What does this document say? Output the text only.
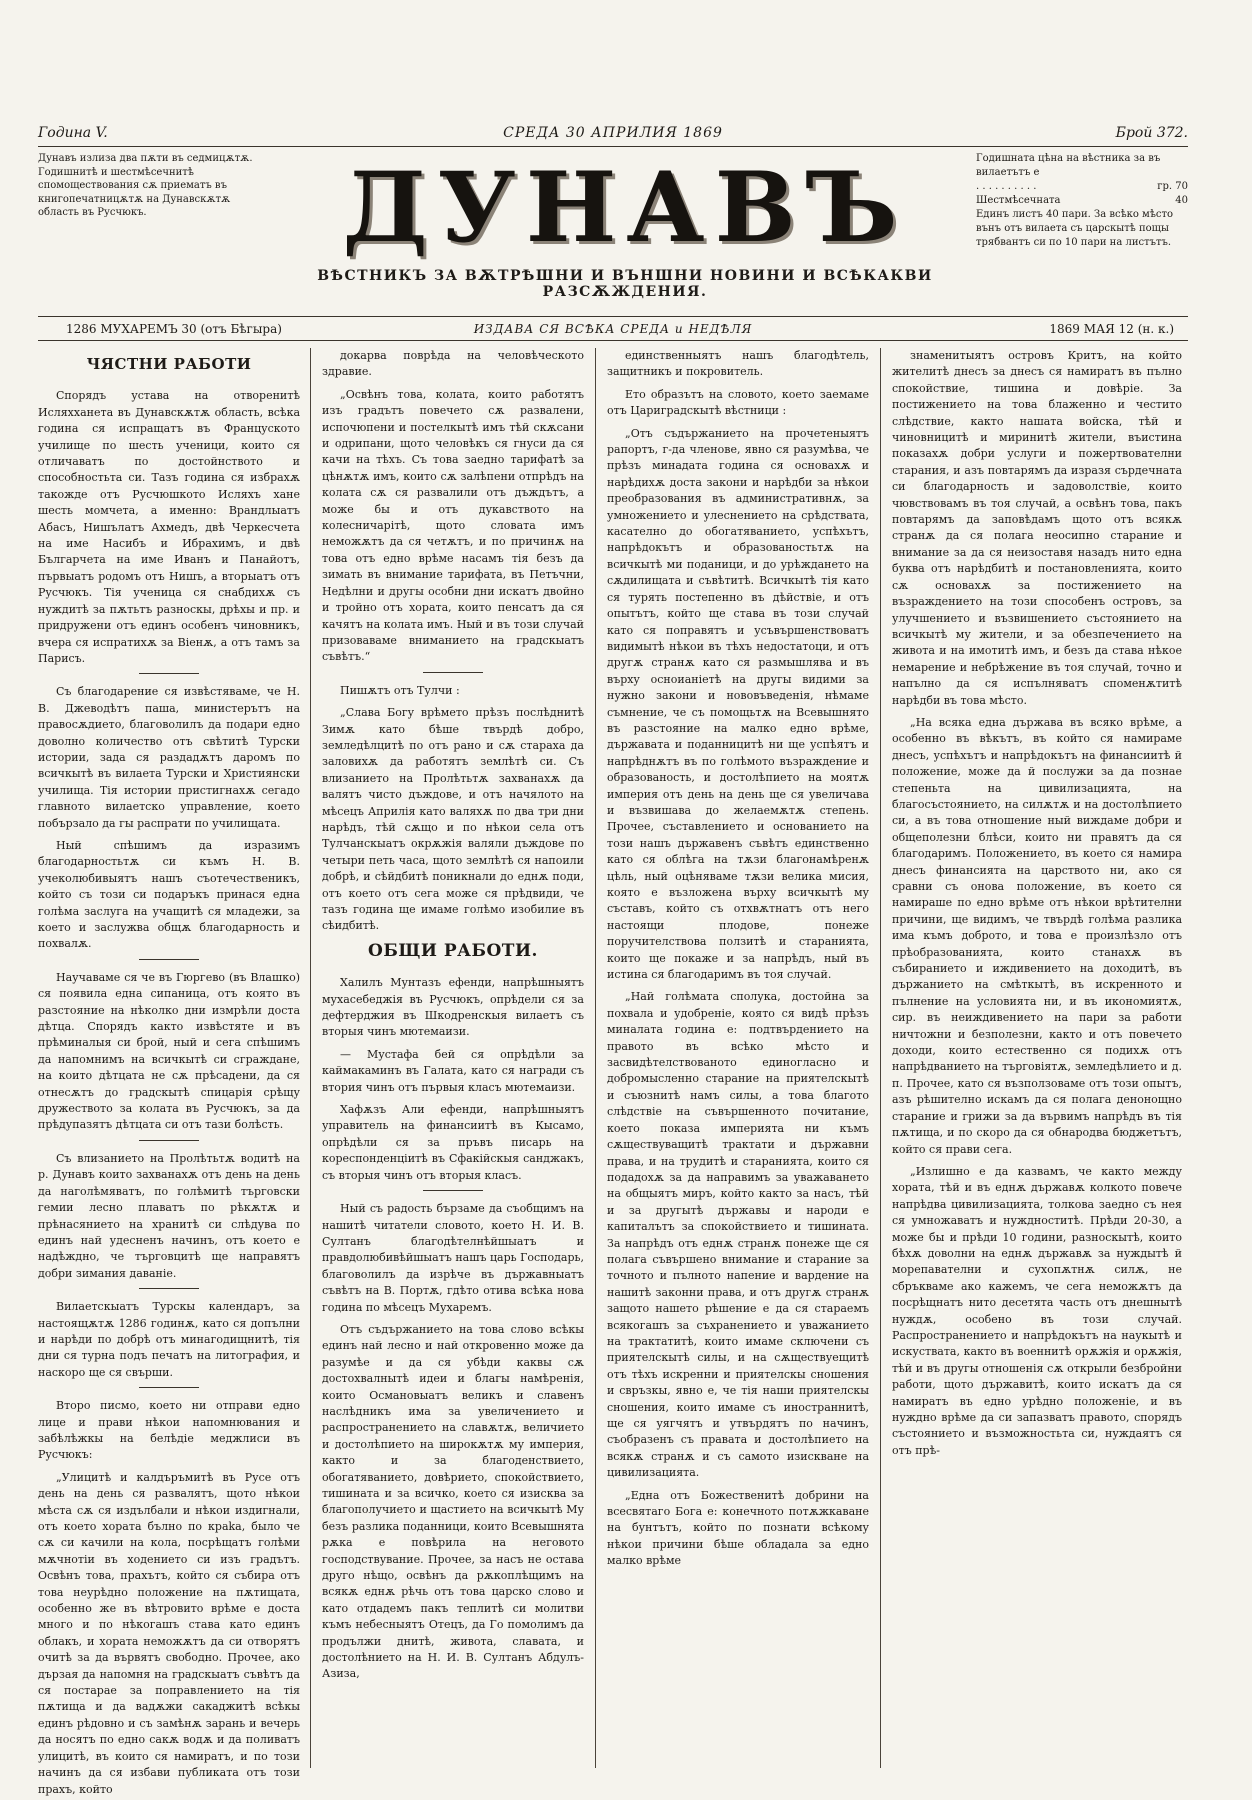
Година V.	СРЕДА 30 АПРИЛИЯ 1869	Брой 372.
Дунавъ излиза два пѫти въ седмицѫтѫ. Годишнитѣ и шестмѣсечнитѣ спомоществования сѫ приематъ въ книгопечатницѫтѫ на Дунавскѫтѫ область въ Русчюкъ.	ДУНАВЪ
ВѢСТНИКЪ ЗА ВѪТРѢШНИ И ВЪНШНИ НОВИНИ И ВСѢКАКВИ РАЗСѪЖДЕНИЯ.
Годишната цѣна на вѣстника за въ вилаетътъ е
. . . . . . . . . .	гр. 70
Шестмѣсечната	40
Единъ листъ 40 пари. За всѣко мѣсто вънъ отъ вилаета съ царскытѣ пощы трябвантъ си по 10 пари на листътъ.
1286 МУХАРЕМЪ 30 (отъ Бѣгыра)	ИЗДАВА СЯ ВСѢКА СРЕДА и НЕДѢЛЯ	1869 МАЯ 12 (н. к.)
ЧЯСТНИ РАБОТИ

Спорядъ устава на отворенитѣ Исляхханета въ Дунавскѫтѫ область, всѣка година ся испращатъ въ Француското училище по шесть ученици, които ся отличаватъ по достойнството и способностьта си. Тазъ година ся избрахѫ такожде отъ Русчюшкото Исляхъ ханe шесть момчета, а именно: Врандлыатъ Абасъ, Нишълатъ Ахмедъ, двѣ Черкесчета на име Насибъ и Ибрахимъ, и двѣ Българчета на име Иванъ и Панайотъ, първыатъ родомъ отъ Нишъ, а вторыатъ отъ Русчюкъ. Тія ученица ся снабдихѫ съ нуждитѣ за пѫтьтъ разноскы, дрѣхы и пр. и придружени отъ единъ особенъ чиновникъ, вчера ся испратихѫ за Віенѫ, а отъ тамъ за Парисъ.

Съ благодарение ся извѣстяваме, че Н. В. Джеводѣтъ паша, министерътъ на правосѫдието, благоволилъ да подари едно доволно количество отъ свѣтитѣ Турски истории, зада ся раздадѫтъ даромъ по всичкытѣ въ вилаета Турски и Християнски училища. Тія истории пристигнахѫ сегадо главното вилаетско управление, което побързало да гы распрати по училищата.

Ный спѣшимъ да изразимъ благодарностьтѫ си къмъ Н. В. учеколюбивыятъ нашъ съотечественикъ, който съ този си подаръкъ принася една голѣма заслуга на учащитѣ ся младежи, за което и заслужва общѫ благодарность и похвалѫ.

Научаваме ся че въ Гюргево (въ Влашко) ся появила една сипаница, отъ която въ разстояние на нѣколко дни измрѣли доста дѣтца. Спорядъ както извѣстяте и въ прѣминалыя си брой, ный и сега спѣшимъ да напомнимъ на всичкытѣ си сгражданe, на които дѣтцата не сѫ прѣсадени, да ся отнесѫтъ до градскытѣ спицарія срѣщу дружеството за колата въ Русчюкъ, за да прѣдупазятъ дѣтцата си отъ тази болѣсть.

Съ влизанието на Пролѣтьтѫ водитѣ на р. Дунавъ които захванахѫ отъ день на день да наголѣмяватъ, по голѣмитѣ търговски гемии лесно плаватъ по рѣкѫтѫ и прѣнасянието на хранитѣ си слѣдува по единъ най удесненъ начинъ, отъ което е надѣждно, че търговцитѣ ще направятъ добри зимания даваніе.

Вилаетскыатъ Турскы календаръ, за настоящѫтѫ 1286 годинѫ, като ся допълни и нарѣди по добрѣ отъ минагодищнитѣ, тія дни ся турна подъ печатъ на литография, и наскоро ще ся свърши.

Второ писмо, което ни отправи едно лице и прави нѣкои напомнювания и забѣлѣжкы на белѣдіе меджлиси въ Русчюкъ:

„Улицитѣ и калдъръмитѣ въ Русе отъ день на день ся развалятъ, щото нѣкои мѣста сѫ ся издълбали и нѣкои издигнали, отъ което хората бълно по краkа, было че сѫ си качили на кола, посрѣщатъ голѣми мѫчнотіи въ ходението си изъ градътъ. Освѣнъ това, прахътъ, който ся събира отъ това неурѣдно положение на пѫтищата, особенно же въ вѣтровито врѣме е доста много и по нѣкогашъ става като единъ облакъ, и хората неможѫтъ да си отворятъ очитѣ за да вървятъ свободно. Прочее, ако дързая да напомня на градскыатъ съвѣтъ да ся постарае за поправлението на тія пѫтища и да вадѫжи сакаджитѣ всѣкы единъ рѣдовно и съ замѣнѫ зарань и вечерь да носятъ по едно сакѫ водѫ и да поливатъ улицитѣ, въ които ся намиратъ, и по този начинъ да ся избави публиката отъ този прахъ, който

докарва поврѣда на человѣческото здравие.

„Освѣнъ това, колата, които работятъ изъ градътъ повечето сѫ развалени, испочюпени и постелкытѣ имъ тѣй скѫсани и одрипани, щото человѣкъ ся гнуси да ся качи на тѣхъ. Съ това заедно тарифатѣ за цѣнѫтѫ имъ, които сѫ залѣпени отпрѣдъ на колата сѫ ся развалили отъ дъждътъ, а може бы и отъ дукавството на колесничарітѣ, щото словата имъ неможѫтъ да ся четѫтъ, и по причинѫ на това отъ едно врѣме насамъ тія безъ да зимать въ внимание тарифата, въ Петъчни, Недѣлни и другы особни дни искатъ двойно и тройно отъ хората, които пенсатъ да ся качятъ на колата имъ. Ный и въ този случай призоваваме вниманието на градскыатъ съвѣтъ.“

Пишѫтъ отъ Тулчи :

„Слава Богу врѣмето прѣзъ послѣднитѣ Зимѫ като бѣше твърдѣ добро, земледѣлцитѣ по отъ рано и сѫ стараха да заловихѫ да работятъ землѣтѣ си. Съ влизанието на Пролѣтьтѫ захванахѫ да валятъ чисто дъждове, и отъ начялото на мѣсецъ Априлія като валяхѫ по два три дни нарѣдъ, тѣй сѫщо и по нѣкои села отъ Тулчанскыатъ окрѫжія валяли дъждове по четыри петь часа, щото землѣтѣ ся напоили добрѣ, и сѣйдбитѣ поникнали до еднѫ поди, отъ което отъ сега може ся прѣдвиди, че тазъ година ще имаме голѣмо изобилие въ сѣидбитѣ.

ОБЩИ РАБОТИ.

Халилъ Мунтазъ ефенди, напрѣшныятъ мухасебеджія въ Русчюкъ, опрѣдели ся за дефтерджия въ Шкодренскыя вилаетъ съ вторыя чинъ мютемаизи.

— Мустафа бей ся опрѣдѣли за каймакаминъ въ Галата, като ся награди съ втория чинъ отъ първыя класъ мютемаизи.

Хафѫзъ Али ефенди, напрѣшныятъ управитель на финансиитѣ въ Кысамо, опрѣдѣли ся за пръвъ писарь на кореспонденціитѣ въ Сфакійскыя санджакъ, съ вторыя чинъ отъ вторыя класъ.

Ный съ радость бързаме да съобщимъ на нашитѣ читатели словото, което Н. И. В. Султанъ благодѣтелнѣйшыатъ и правдолюбивѣйшыатъ нашъ царь Господарь, благоволилъ да изрѣче въ държавныатъ съвѣтъ на В. Портѫ, гдѣто отива всѣка нова година по мѣсецъ Мухаремъ.

Отъ съдържанието на това слово всѣкы единъ най лесно и най откровенно може да разумѣе и да ся убѣди каквы сѫ достохвалнытѣ идеи и благы намѣренія, които Османовыатъ великъ и славенъ наслѣдникъ има за увеличението и распространението на славѫтѫ, величието и достолѣпието на широкѫтѫ му империя, както и за благоденствието, обогатяванието, довѣрието, спокойствието, тишината и за всичко, което ся изисква за благополучието и щастието на всичкытѣ Му безъ разлика поданници, които Всевышнята рѫка е повѣрила на неговото господствувание. Прочее, за насъ не остава друго нѣщо, освѣнъ да рѫкоплѣщимъ на всякѫ еднѫ рѣчь отъ това царско слово и като отдадемъ пакъ теплитѣ си молитви къмъ небесныятъ Отецъ, да Го помолимъ да продължи днитѣ, живота, славата, и достолѣнието на Н. И. В. Султанъ Абдулъ-Азиза,

единственныятъ нашъ благодѣтель, защитникъ и покровитель.

Ето образътъ на словото, което заемаме отъ Цариградскытѣ вѣстници :

„Отъ съдържанието на прочетеныятъ рапортъ, г-да членове, явно ся разумѣва, че прѣзъ минадата година ся основахѫ и нарѣдихѫ доста закони и нарѣдби за нѣкои преобразования въ административнѫ, за умножението и улеснението на срѣдствата, касателно до обогатяванието, успѣхътъ, напрѣдокътъ и образованостьтѫ на всичкытѣ ми поданици, и до урѣждането на сѫдилищата и съвѣтитѣ. Всичкытѣ тія като ся турять постепенно въ дѣйствіе, и отъ опытътъ, който ще става въ този случай като ся поправятъ и усъвършенствоватъ видимытѣ нѣкои въ тѣхъ недостатоци, и отъ другѫ странѫ като ся размышлява и въ върху осноианіетѣ на другы видими за нужно закони и нововъведенія, нѣмаме съмнение, че съ помощьтѫ на Всевышнятo въ разстояние на малко едно врѣме, държавата и поданницитѣ ни ще успѣятъ и напрѣднѫтъ въ по голѣмото възраждение и образованость, и достолѣпието на моятѫ империя отъ день на день ще ся увеличава и възвишава до желаемѫтѫ степень. Прочее, съставлението и основанието на този нашъ държавенъ съвѣтъ единственно като ся облѣга на тѫзи благонамѣренѫ цѣль, ный оцѣняваме тѫзи велика мисия, която е възложена върху всичкытѣ му съставъ, който съ отхвѫтнатъ отъ него настоящи плодове, понеже поручителствова ползитѣ и старанията, които ще покаже и за напрѣдъ, ный въ истина ся благодаримъ въ тоя случай.

„Най голѣмата сполука, достойна за похвала и удобреніе, която ся видѣ прѣзъ миналата година е: подтвърдението на правото въ всѣко мѣсто и засвидѣтелствованото единогласно и добромысленно старание на приятелскытѣ и съюзнитѣ намъ силы, а това благото слѣдствіе на съвършенното почитание, което показа империята ни къмъ сѫществуващитѣ трактати и държавни права, и на трудитѣ и старанията, които ся подадохѫ за да направимъ за уважаването на общыятъ миръ, който както за насъ, тѣй и за другытѣ държавы и народи е капиталътъ за спокойствието и тишината. За напрѣдъ отъ еднѫ странѫ понеже ще ся полага съвършено внимание и старание за точното и пълното напeние и вардение на нашитѣ законни права, и отъ другѫ странѫ защото нашето рѣшение е да ся стараемъ всякогашъ за съхранението и уважанието на трактатитѣ, които имаме сключени съ приятелскытѣ силы, и на сѫществуещитѣ отъ тѣхъ искренни и приятелскы сношения и свръзкы, явно е, че тія наши приятелскы сношения, които имаме съ иностраннитѣ, ще ся уягчятъ и утвърдятъ по начинъ, съобразенъ съ правата и достолѣпието на всякѫ странѫ и съ самото изискване на цивилизацията.

„Една отъ Божественитѣ добрини на всесвятаго Бога е: конечното потѫжкаване на бунтътъ, който по познати всѣкому нѣкои причини бѣше обладала за едно малко врѣме

знаменитыятъ островъ Критъ, на който жителитѣ днесъ за днесъ ся намиратъ въ пълно спокойствие, тишина и довѣріе. За постижението на това блаженно и честито слѣдствие, както нашата войска, тѣй и чиновницитѣ и миринитѣ жители, въистина показахѫ добри услуги и пожертвователни старания, и азъ повтарямъ да изразя сърдечната си благодарность и задоволствіе, които чювствовамъ въ тоя случай, а освѣнъ това, пакъ повтарямъ да заповѣдамъ щото отъ всякѫ странѫ да ся полага неосипно старание и внимание за да ся неизоставя назадъ нито една буква отъ нарѣдбитѣ и постановленията, които сѫ основахѫ за постижението на възраждението на този способенъ островъ, за улучшението и възвишението състоянието на всичкытѣ му жители, и за обезпечението на живота и на имотитѣ имъ, и безъ да става нѣкое немарение и небрѣжение въ тоя случай, точно и напълно да ся испълняватъ споменѫтитѣ нарѣдби въ това мѣсто.

„На всяка една държава въ всяко врѣме, а особенно въ вѣкътъ, въ който ся намираме днесъ, успѣхътъ и напрѣдокътъ на финансиитѣ й положение, може да й послужи за да познае степеньта на цивилизацията, на благосъстоянието, на силѫтѫ и на достолѣпието си, а въ това отношение ный виждаме добри и общеполезни блѣси, които ни правятъ да ся благодаримъ. Положението, въ което ся намира днесъ финансията на царството ни, ако ся сравни съ онова положение, въ което ся намираше по едно врѣме отъ нѣкои врѣтителни причини, ще видимъ, че твърдѣ голѣма разлика има къмъ доброто, и това е произлѣзло отъ прѣобразованията, които станахѫ въ събиранието и иждивението на доходитѣ, въ държанието на смѣткытѣ, въ искренното и пълнение на условията ни, и въ икономиятѫ, сир. въ неиждивението на пари за работи ничтожни и безполезни, както и отъ повечето доходи, които естественно ся подихѫ отъ напрѣдванието на търговіятѫ, земледѣлието и д. п. Прочее, като ся възползоваме отъ този опытъ, азъ рѣшително искамъ да ся полага денонощно старание и грижи за да вървимъ напрѣдъ въ тія пѫтища, и по скоро да ся обнародва бюджетътъ, който ся прави сега.

„Излишно е да казвамъ, че както между хората, тѣй и въ еднѫ държавѫ колкото повече напрѣдва цивилизацията, толкова заедно съ нея ся умножаватъ и нуждноститѣ. Прѣди 20-30, а може бы и прѣди 10 години, разноскытѣ, които бѣхѫ доволни на еднѫ държавѫ за нуждытѣ й морепавателни и сухопѫтнѫ силѫ, не сбръкваме ако кажемъ, че сега неможѫтъ да посрѣщнатъ нито десетята часть отъ днешнытѣ нуждѫ, особено въ този случай. Распространението и напрѣдокътъ на наукытѣ и искуствата, както въ военнитѣ орѫжія и орѫжія, тѣй и въ другы отношенія сѫ открыли безбройни работи, щото държавитѣ, които искатъ да ся намиратъ въ едно урѣдно положеніе, и въ нуждно врѣме да си запазватъ правото, спорядъ състоянието и възможностьта си, нуждаятъ ся отъ прѣ-
